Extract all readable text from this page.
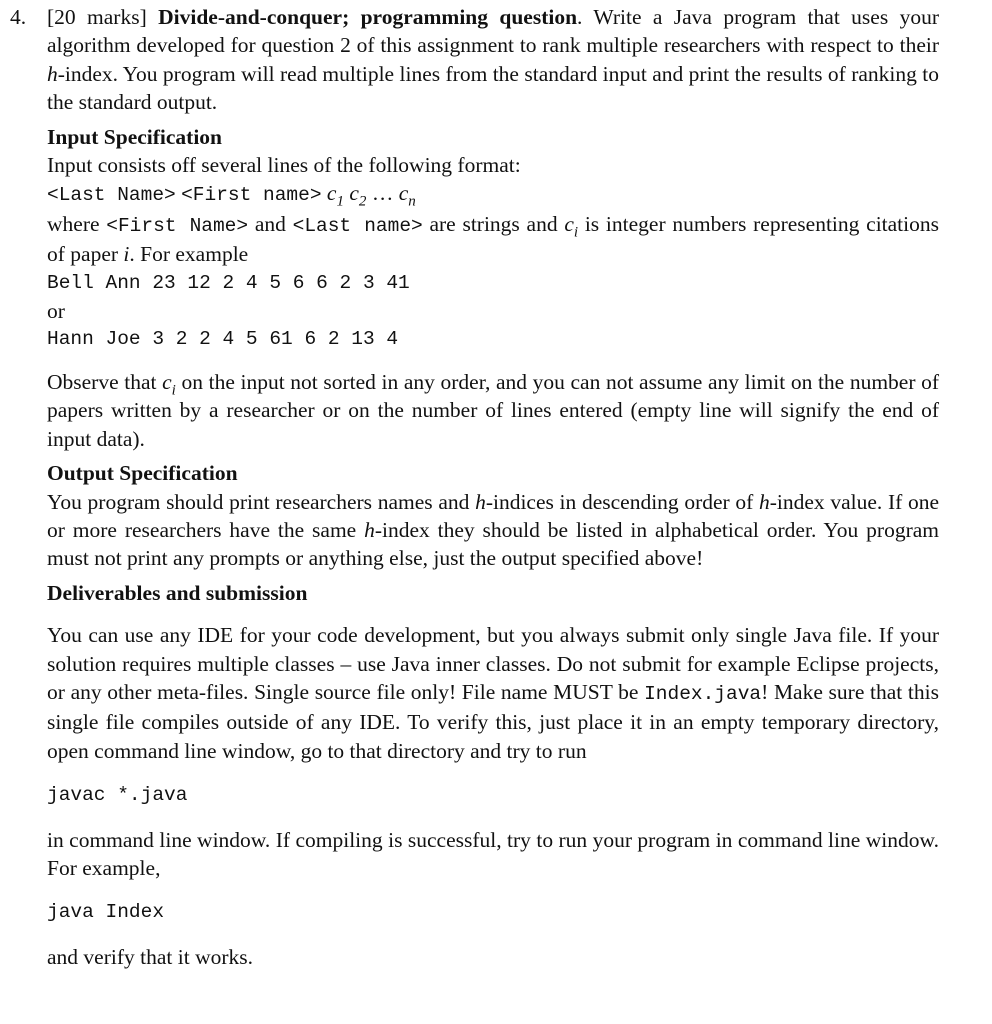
4. [20 marks] Divide-and-conquer; programming question. Write a Java program that uses your algorithm developed for question 2 of this assignment to rank multiple researchers with respect to their h-index. You program will read multiple lines from the standard input and print the results of ranking to the standard output.

Input Specification

Input consists off several lines of the following format:

<Last Name> <First name> $c_1$ $c_2$ … $c_n$

where <First Name> and <Last name> are strings and $c_i$ is integer numbers representing citations of paper i. For example

Bell Ann 23 12 2 4 5 6 6 2 3 41

or

Hann Joe 3 2 2 4 5 61 6 2 13 4

Observe that $c_i$ on the input not sorted in any order, and you can not assume any limit on the number of papers written by a researcher or on the number of lines entered (empty line will signify the end of input data).

Output Specification

You program should print researchers names and h-indices in descending order of h-index value. If one or more researchers have the same h-index they should be listed in alphabetical order. You program must not print any prompts or anything else, just the output specified above!

Deliverables and submission

You can use any IDE for your code development, but you always submit only single Java file. If your solution requires multiple classes – use Java inner classes. Do not submit for example Eclipse projects, or any other meta-files. Single source file only! File name MUST be Index.java! Make sure that this single file compiles outside of any IDE. To verify this, just place it in an empty temporary directory, open command line window, go to that directory and try to run

javac *.java

in command line window. If compiling is successful, try to run your program in command line window. For example,

java Index

and verify that it works.
